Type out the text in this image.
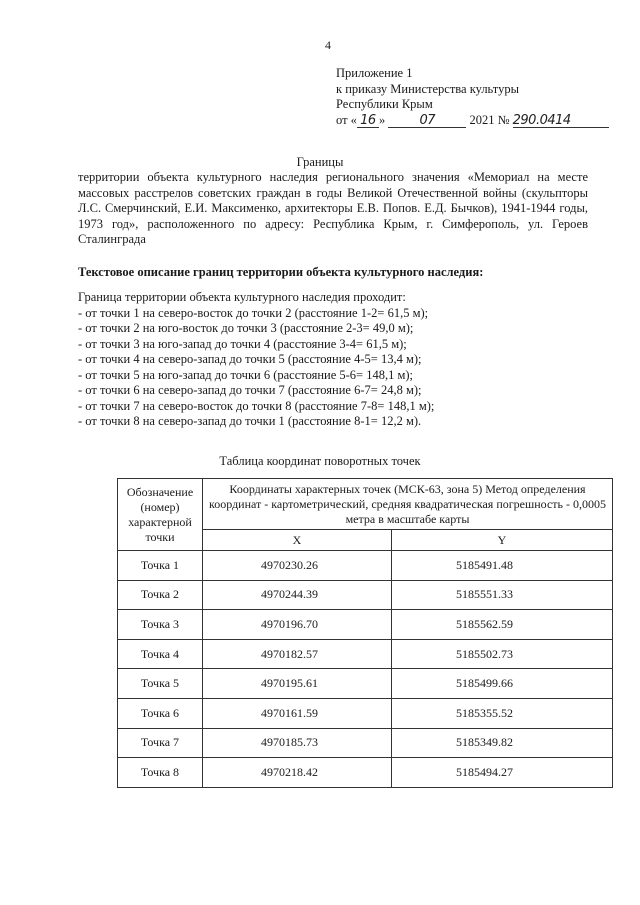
4
Приложение 1
к приказу Министерства культуры
Республики Крым
от « 16 »	07	2021 № 290.0414
Границы
территории объекта культурного наследия регионального значения «Мемориал на месте массовых расстрелов советских граждан в годы Великой Отечественной войны (скульпторы Л.С. Смерчинский, Е.И. Максименко, архитекторы Е.В. Попов. Е.Д. Бычков), 1941-1944 годы, 1973 год», расположенного по адресу: Республика Крым, г. Симферополь, ул. Героев Сталинграда
Текстовое описание границ территории объекта культурного наследия:
Граница территории объекта культурного наследия проходит:
- от точки 1 на северо-восток до точки 2 (расстояние 1-2= 61,5 м);
- от точки 2 на юго-восток до точки 3 (расстояние 2-3= 49,0 м);
- от точки 3 на юго-запад до точки 4 (расстояние 3-4= 61,5 м);
- от точки 4 на северо-запад до точки 5 (расстояние 4-5= 13,4 м);
- от точки 5 на юго-запад до точки 6 (расстояние 5-6= 148,1 м);
- от точки 6 на северо-запад до точки 7 (расстояние 6-7= 24,8 м);
- от точки 7 на северо-восток до точки 8 (расстояние 7-8= 148,1 м);
- от точки 8 на северо-запад до точки 1 (расстояние 8-1= 12,2 м).
Таблица координат поворотных точек
Обозначение (номер) характерной точки	Координаты характерных точек (МСК-63, зона 5) Метод определения координат - картометрический, средняя квадратическая погрешность - 0,0005 метра в масштабе карты	
	X	Y
Точка 1	4970230.26	5185491.48
Точка 2	4970244.39	5185551.33
Точка 3	4970196.70	5185562.59
Точка 4	4970182.57	5185502.73
Точка 5	4970195.61	5185499.66
Точка 6	4970161.59	5185355.52
Точка 7	4970185.73	5185349.82
Точка 8	4970218.42	5185494.27
